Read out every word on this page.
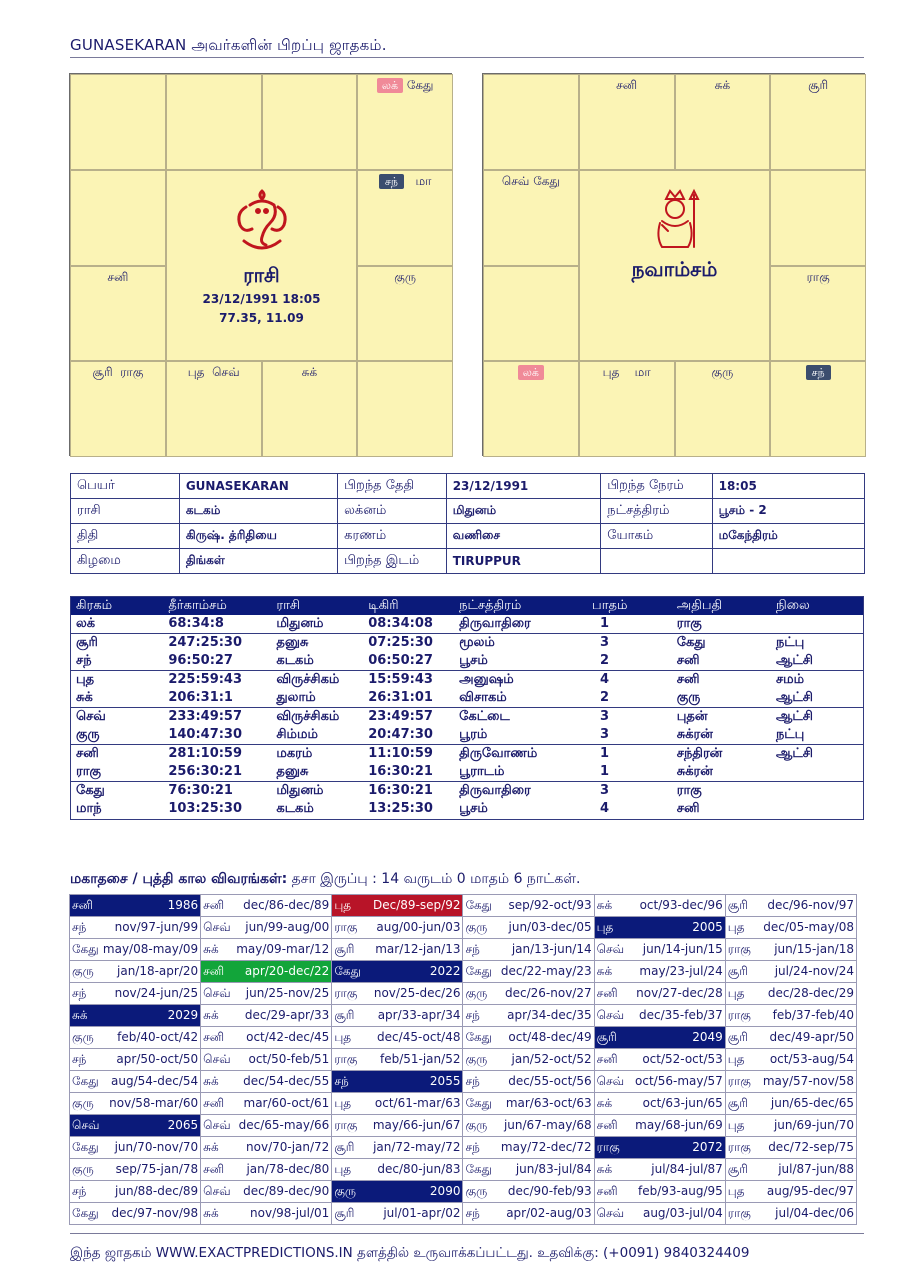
GUNASEKARAN அவர்களின் பிறப்பு ஜாதகம்.
லக் கேது
சந் மா
சனி	குரு
சூரி  ராகு	புத  செவ்	சுக்
ராசி
23/12/1991 18:05
77.35, 11.09
சனி	சுக்	சூரி
செவ் கேது
ராகு
லக்	புத    மா	குரு	சந்
நவாம்சம்
பெயர்	GUNASEKARAN	பிறந்த தேதி	23/12/1991	பிறந்த நேரம்	18:05
ராசி	கடகம்	லக்னம்	மிதுனம்	நட்சத்திரம்	பூசம் - 2
திதி	கிருஷ். த்ரிதியை	கரணம்	வணிசை	யோகம்	மகேந்திரம்
கிழமை	திங்கள்	பிறந்த இடம்	TIRUPPUR		
கிரகம்	தீர்காம்சம்	ராசி	டிகிரி	நட்சத்திரம்	பாதம்	அதிபதி	நிலை
லக்	68:34:8	மிதுனம்	08:34:08	திருவாதிரை	1	ராகு	
சூரி	247:25:30	தனுசு	07:25:30	மூலம்	3	கேது	நட்பு
சந்	96:50:27	கடகம்	06:50:27	பூசம்	2	சனி	ஆட்சி
புத	225:59:43	விருச்சிகம்	15:59:43	அனுஷம்	4	சனி	சமம்
சுக்	206:31:1	துலாம்	26:31:01	விசாகம்	2	குரு	ஆட்சி
செவ்	233:49:57	விருச்சிகம்	23:49:57	கேட்டை	3	புதன்	ஆட்சி
குரு	140:47:30	சிம்மம்	20:47:30	பூரம்	3	சுக்ரன்	நட்பு
சனி	281:10:59	மகரம்	11:10:59	திருவோணம்	1	சந்திரன்	ஆட்சி
ராகு	256:30:21	தனுசு	16:30:21	பூராடம்	1	சுக்ரன்	
கேது	76:30:21	மிதுனம்	16:30:21	திருவாதிரை	3	ராகு	
மாந்	103:25:30	கடகம்	13:25:30	பூசம்	4	சனி	
மகாதசை / புத்தி கால விவரங்கள்: தசா இருப்பு : 14 வருடம் 0 மாதம் 6 நாட்கள்.
சனி 1986	சனி dec/86-dec/89	புத Dec/89-sep/92	கேது sep/92-oct/93	சுக் oct/93-dec/96	சூரி dec/96-nov/97

சந் nov/97-jun/99	செவ் jun/99-aug/00	ராகு aug/00-jun/03	குரு jun/03-dec/05	புத 2005	புத dec/05-may/08

கேது may/08-may/09	சுக் may/09-mar/12	சூரி mar/12-jan/13	சந் jan/13-jun/14	செவ் jun/14-jun/15	ராகு jun/15-jan/18

குரு jan/18-apr/20	சனி apr/20-dec/22	கேது 2022	கேது dec/22-may/23	சுக் may/23-jul/24	சூரி jul/24-nov/24

சந் nov/24-jun/25	செவ் jun/25-nov/25	ராகு nov/25-dec/26	குரு dec/26-nov/27	சனி nov/27-dec/28	புத dec/28-dec/29

சுக் 2029	சுக் dec/29-apr/33	சூரி apr/33-apr/34	சந் apr/34-dec/35	செவ் dec/35-feb/37	ராகு feb/37-feb/40

குரு feb/40-oct/42	சனி oct/42-dec/45	புத dec/45-oct/48	கேது oct/48-dec/49	சூரி 2049	சூரி dec/49-apr/50

சந் apr/50-oct/50	செவ் oct/50-feb/51	ராகு feb/51-jan/52	குரு jan/52-oct/52	சனி oct/52-oct/53	புத oct/53-aug/54

கேது aug/54-dec/54	சுக் dec/54-dec/55	சந் 2055	சந் dec/55-oct/56	செவ் oct/56-may/57	ராகு may/57-nov/58

குரு nov/58-mar/60	சனி mar/60-oct/61	புத oct/61-mar/63	கேது mar/63-oct/63	சுக் oct/63-jun/65	சூரி jun/65-dec/65

செவ் 2065	செவ் dec/65-may/66	ராகு may/66-jun/67	குரு jun/67-may/68	சனி may/68-jun/69	புத jun/69-jun/70

கேது jun/70-nov/70	சுக் nov/70-jan/72	சூரி jan/72-may/72	சந் may/72-dec/72	ராகு 2072	ராகு dec/72-sep/75

குரு sep/75-jan/78	சனி jan/78-dec/80	புத dec/80-jun/83	கேது jun/83-jul/84	சுக் jul/84-jul/87	சூரி jul/87-jun/88

சந் jun/88-dec/89	செவ் dec/89-dec/90	குரு 2090	குரு dec/90-feb/93	சனி feb/93-aug/95	புத aug/95-dec/97

கேது dec/97-nov/98	சுக் nov/98-jul/01	சூரி jul/01-apr/02	சந் apr/02-aug/03	செவ் aug/03-jul/04	ராகு jul/04-dec/06
இந்த ஜாதகம் WWW.EXACTPREDICTIONS.IN தளத்தில் உருவாக்கப்பட்டது. உதவிக்கு: (+0091) 9840324409
